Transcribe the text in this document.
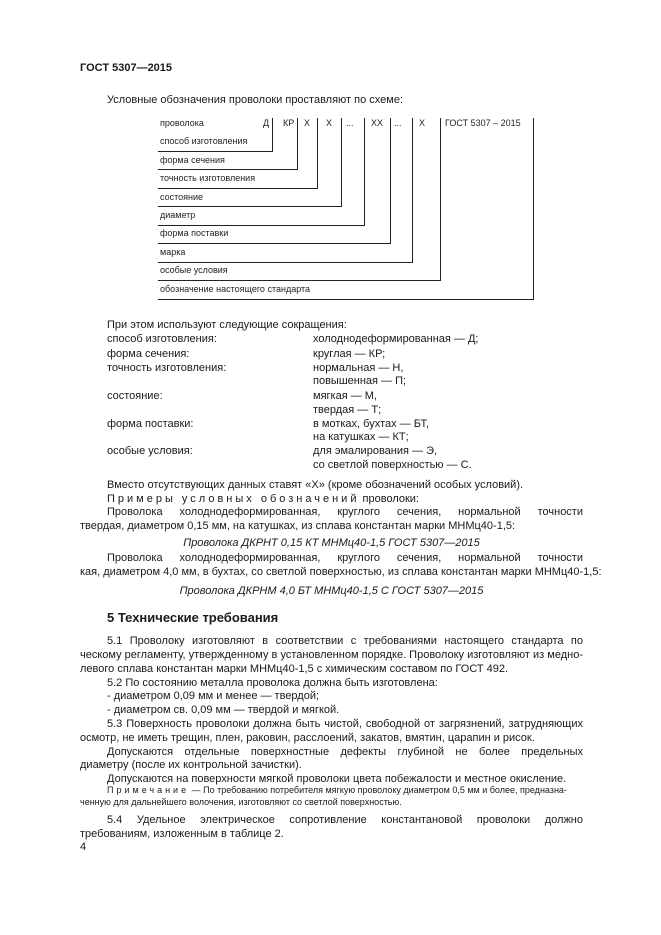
ГОСТ 5307—2015
Условные обозначения проволоки проставляют по схеме:
проволока	Д КР Х Х ... ХХ ... Х ГОСТ 5307 – 2015
способ изготовления
форма сечения
точность изготовления
состояние
диаметр
форма поставки
марка
особые условия
обозначение настоящего стандарта
При этом используют следующие сокращения:
способ изготовления:	холоднодеформированная — Д;
форма сечения:	круглая — КР;
точность изготовления:	нормальная — Н,
повышенная — П;
состояние:	мягкая — М,
твердая — Т;
форма поставки:	в мотках, бухтах — БТ,
на катушках — КТ;
особые условия:	для эмалирования — Э,
со светлой поверхностью — С.
Вместо отсутствующих данных ставят «Х» (кроме обозначений особых условий).
Примеры условных обозначений проволоки:
Проволока холоднодеформированная, круглого сечения, нормальной точности
твердая, диаметром 0,15 мм, на катушках, из сплава константан марки МНМц40-1,5:
Проволока ДКРНТ 0,15 КТ МНМц40-1,5 ГОСТ 5307—2015
Проволока холоднодеформированная, круглого сечения, нормальной точности
кая, диаметром 4,0 мм, в бухтах, со светлой поверхностью, из сплава константан марки МНМц40-1,5:
Проволока ДКРНМ 4,0 БТ МНМц40-1,5 С ГОСТ 5307—2015
5 Технические требования
5.1 Проволоку изготовляют в соответствии с требованиями настоящего стандарта по
ческому регламенту, утвержденному в установленном порядке. Проволоку изготовляют из медно-
левого сплава константан марки МНМц40-1,5 с химическим составом по ГОСТ 492.
5.2 По состоянию металла проволока должна быть изготовлена:
- диаметром 0,09 мм и менее — твердой;
- диаметром св. 0,09 мм — твердой и мягкой.
5.3 Поверхность проволоки должна быть чистой, свободной от загрязнений, затрудняющих
осмотр, не иметь трещин, плен, раковин, расслоений, закатов, вмятин, царапин и рисок.
Допускаются отдельные поверхностные дефекты глубиной не более предельных
диаметру (после их контрольной зачистки).
Допускаются на поверхности мягкой проволоки цвета побежалости и местное окисление.
Примечание — По требованию потребителя мягкую проволоку диаметром 0,5 мм и более, предназна-
ченную для дальнейшего волочения, изготовляют со светлой поверхностью.
5.4 Удельное электрическое сопротивление константановой проволоки должно
требованиям, изложенным в таблице 2.
4
